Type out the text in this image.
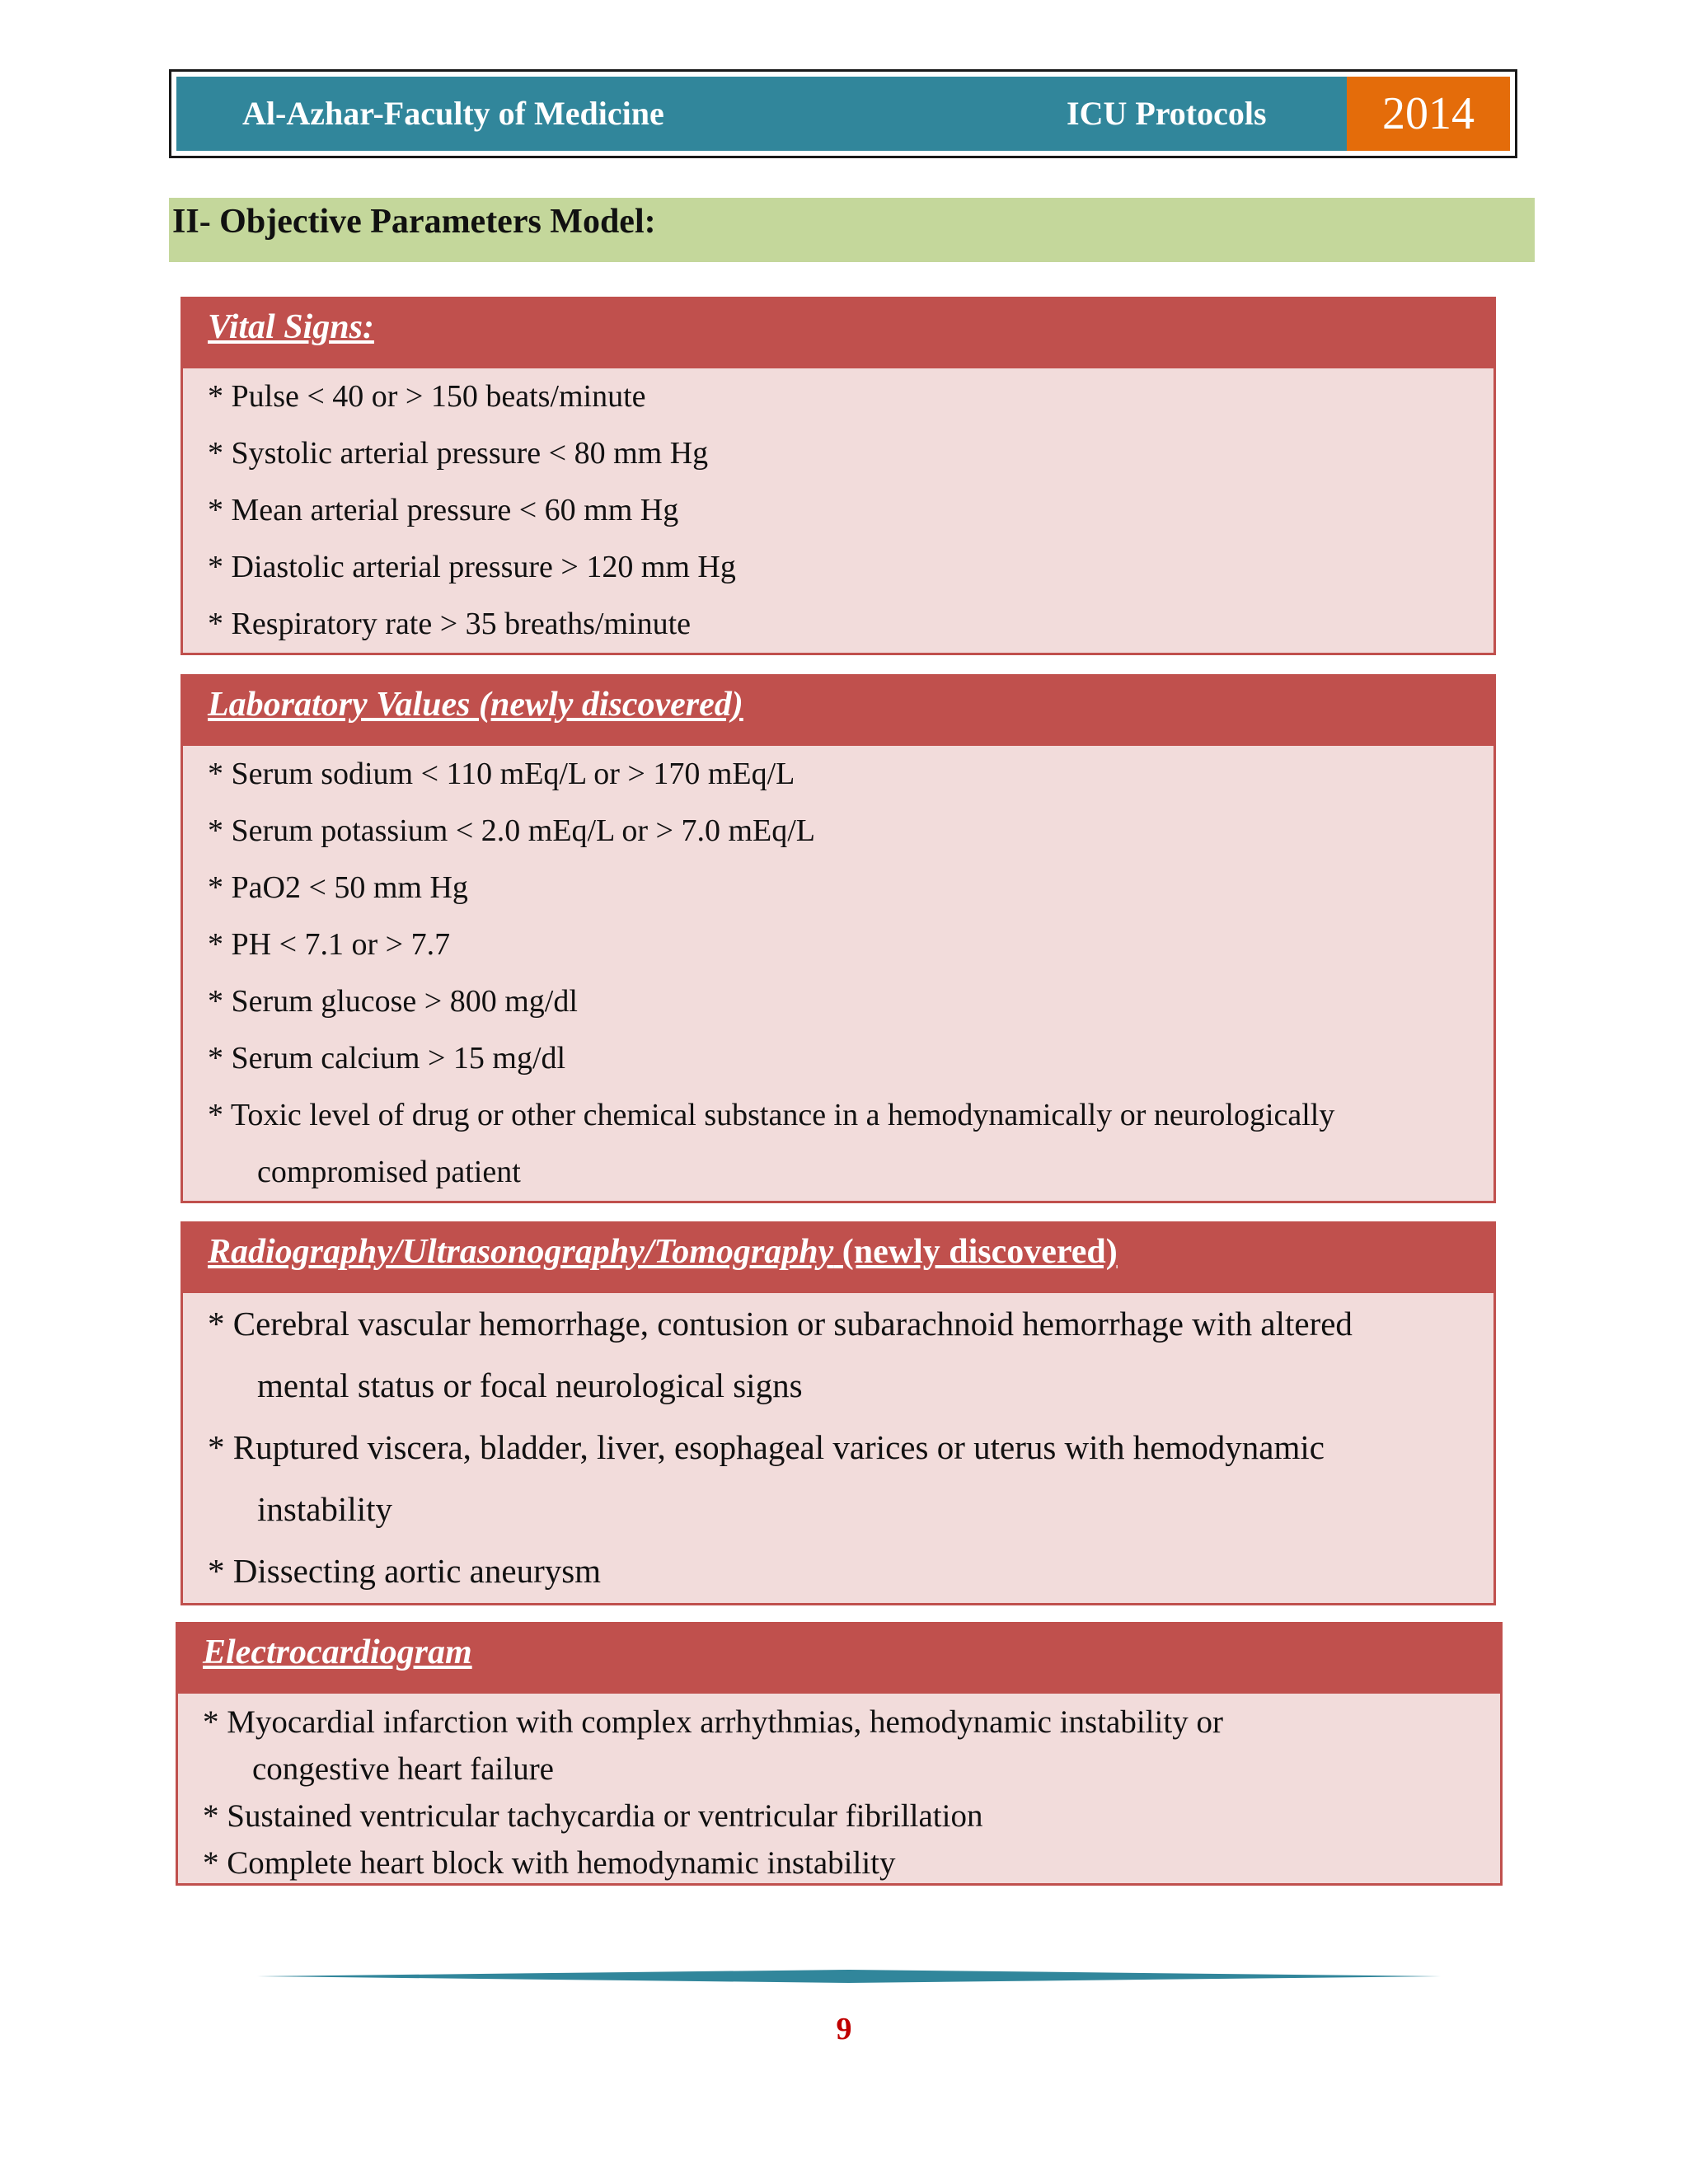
Al-Azhar-Faculty of Medicine	ICU Protocols	2014
II- Objective Parameters Model:
Vital Signs:
* Pulse < 40 or > 150 beats/minute
* Systolic arterial pressure < 80 mm Hg
* Mean arterial pressure < 60 mm Hg
* Diastolic arterial pressure > 120 mm Hg
* Respiratory rate > 35 breaths/minute
Laboratory Values (newly discovered)
* Serum sodium < 110 mEq/L or > 170 mEq/L
* Serum potassium < 2.0 mEq/L or > 7.0 mEq/L
* PaO2 < 50 mm Hg
* PH < 7.1 or > 7.7
* Serum glucose > 800 mg/dl
* Serum calcium > 15 mg/dl
* Toxic level of drug or other chemical substance in a hemodynamically or neurologically
compromised patient
Radiography/Ultrasonography/Tomography (newly discovered)
* Cerebral vascular hemorrhage, contusion or subarachnoid hemorrhage with altered
mental status or focal neurological signs
* Ruptured viscera, bladder, liver, esophageal varices or uterus with hemodynamic
instability
* Dissecting aortic aneurysm
Electrocardiogram
* Myocardial infarction with complex arrhythmias, hemodynamic instability or
congestive heart failure
* Sustained ventricular tachycardia or ventricular fibrillation
* Complete heart block with hemodynamic instability
9
